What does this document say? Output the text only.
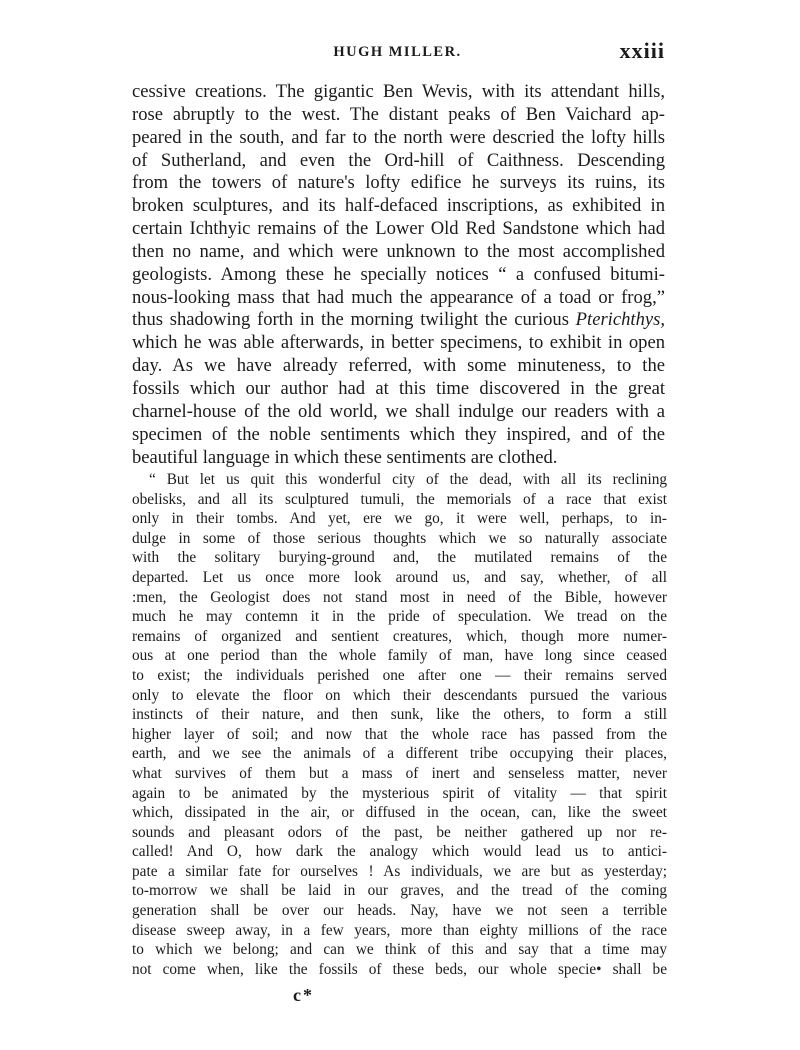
HUGH MILLER.	xxiii
cessive creations. The gigantic Ben Wevis, with its attendant hills,
rose abruptly to the west. The distant peaks of Ben Vaichard ap-
peared in the south, and far to the north were descried the lofty hills
of Sutherland, and even the Ord-hill of Caithness. Descending
from the towers of nature's lofty edifice he surveys its ruins, its
broken sculptures, and its half-defaced inscriptions, as exhibited in
certain Ichthyic remains of the Lower Old Red Sandstone which had
then no name, and which were unknown to the most accomplished
geologists. Among these he specially notices “ a confused bitumi-
nous-looking mass that had much the appearance of a toad or frog,”
thus shadowing forth in the morning twilight the curious Pterichthys,
which he was able afterwards, in better specimens, to exhibit in open
day. As we have already referred, with some minuteness, to the
fossils which our author had at this time discovered in the great
charnel-house of the old world, we shall indulge our readers with a
specimen of the noble sentiments which they inspired, and of the
beautiful language in which these sentiments are clothed.
“ But let us quit this wonderful city of the dead, with all its reclining
obelisks, and all its sculptured tumuli, the memorials of a race that exist
only in their tombs. And yet, ere we go, it were well, perhaps, to in-
dulge in some of those serious thoughts which we so naturally associate
with the solitary burying-ground and, the mutilated remains of the
departed. Let us once more look around us, and say, whether, of all
:men, the Geologist does not stand most in need of the Bible, however
much he may contemn it in the pride of speculation. We tread on the
remains of organized and sentient creatures, which, though more numer-
ous at one period than the whole family of man, have long since ceased
to exist; the individuals perished one after one — their remains served
only to elevate the floor on which their descendants pursued the various
instincts of their nature, and then sunk, like the others, to form a still
higher layer of soil; and now that the whole race has passed from the
earth, and we see the animals of a different tribe occupying their places,
what survives of them but a mass of inert and senseless matter, never
again to be animated by the mysterious spirit of vitality — that spirit
which, dissipated in the air, or diffused in the ocean, can, like the sweet
sounds and pleasant odors of the past, be neither gathered up nor re-
called! And O, how dark the analogy which would lead us to antici-
pate a similar fate for ourselves ! As individuals, we are but as yesterday;
to-morrow we shall be laid in our graves, and the tread of the coming
generation shall be over our heads. Nay, have we not seen a terrible
disease sweep away, in a few years, more than eighty millions of the race
to which we belong; and can we think of this and say that a time may
not come when, like the fossils of these beds, our whole specie• shall be
c*
